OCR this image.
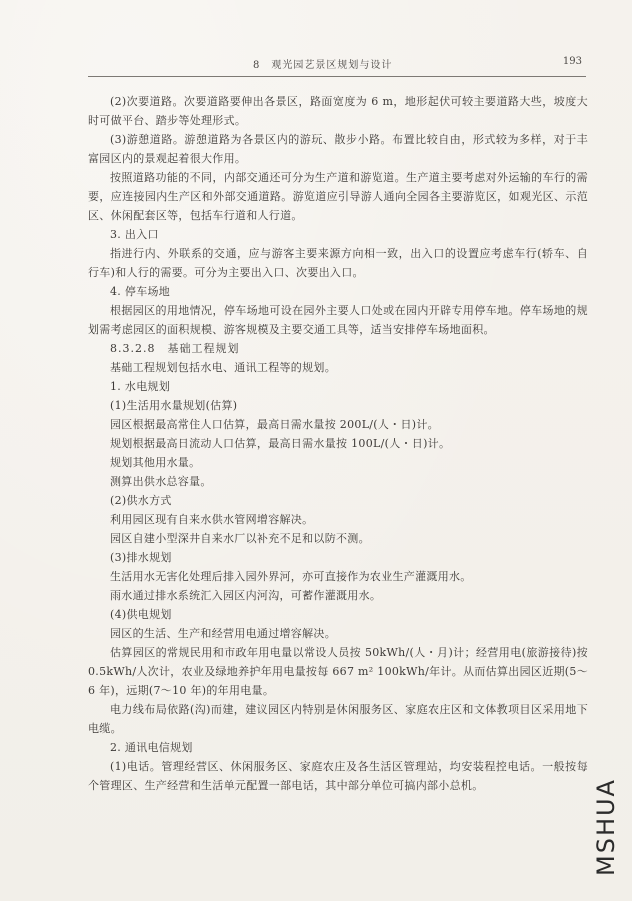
8　观光园艺景区规划与设计	193

(2)次要道路。次要道路要伸出各景区，路面宽度为 6 m，地形起伏可较主要道路大些，坡度大时可做平台、踏步等处理形式。

(3)游憩道路。游憩道路为各景区内的游玩、散步小路。布置比较自由，形式较为多样，对于丰富园区内的景观起着很大作用。

按照道路功能的不同，内部交通还可分为生产道和游览道。生产道主要考虑对外运输的车行的需要，应连接园内生产区和外部交通道路。游览道应引导游人通向全园各主要游览区，如观光区、示范区、休闲配套区等，包括车行道和人行道。

3. 出入口

指进行内、外联系的交通，应与游客主要来源方向相一致，出入口的设置应考虑车行(轿车、自行车)和人行的需要。可分为主要出入口、次要出入口。

4. 停车场地

根据园区的用地情况，停车场地可设在园外主要人口处或在园内开辟专用停车地。停车场地的规划需考虑园区的面积规模、游客规模及主要交通工具等，适当安排停车场地面积。

8.3.2.8　基础工程规划

基础工程规划包括水电、通讯工程等的规划。

1. 水电规划

(1)生活用水量规划(估算)

园区根据最高常住人口估算，最高日需水量按 200L/(人・日)计。

规划根据最高日流动人口估算，最高日需水量按 100L/(人・日)计。

规划其他用水量。

测算出供水总容量。

(2)供水方式

利用园区现有自来水供水管网增容解决。

园区自建小型深井自来水厂以补充不足和以防不测。

(3)排水规划

生活用水无害化处理后排入园外界河，亦可直接作为农业生产灌溉用水。

雨水通过排水系统汇入园区内河沟，可蓄作灌溉用水。

(4)供电规划

园区的生活、生产和经营用电通过增容解决。

估算园区的常规民用和市政年用电量以常设人员按 50kWh/(人・月)计；经营用电(旅游接待)按 0.5kWh/人次计，农业及绿地养护年用电量按每 667 m² 100kWh/年计。从而估算出园区近期(5～6 年)，远期(7～10 年)的年用电量。

电力线布局依路(沟)而建，建议园区内特别是休闲服务区、家庭农庄区和文体教项目区采用地下电缆。

2. 通讯电信规划

(1)电话。管理经营区、休闲服务区、家庭农庄及各生活区管理站，均安装程控电话。一般按每个管理区、生产经营和生活单元配置一部电话，其中部分单位可搞内部小总机。	MSHUA
